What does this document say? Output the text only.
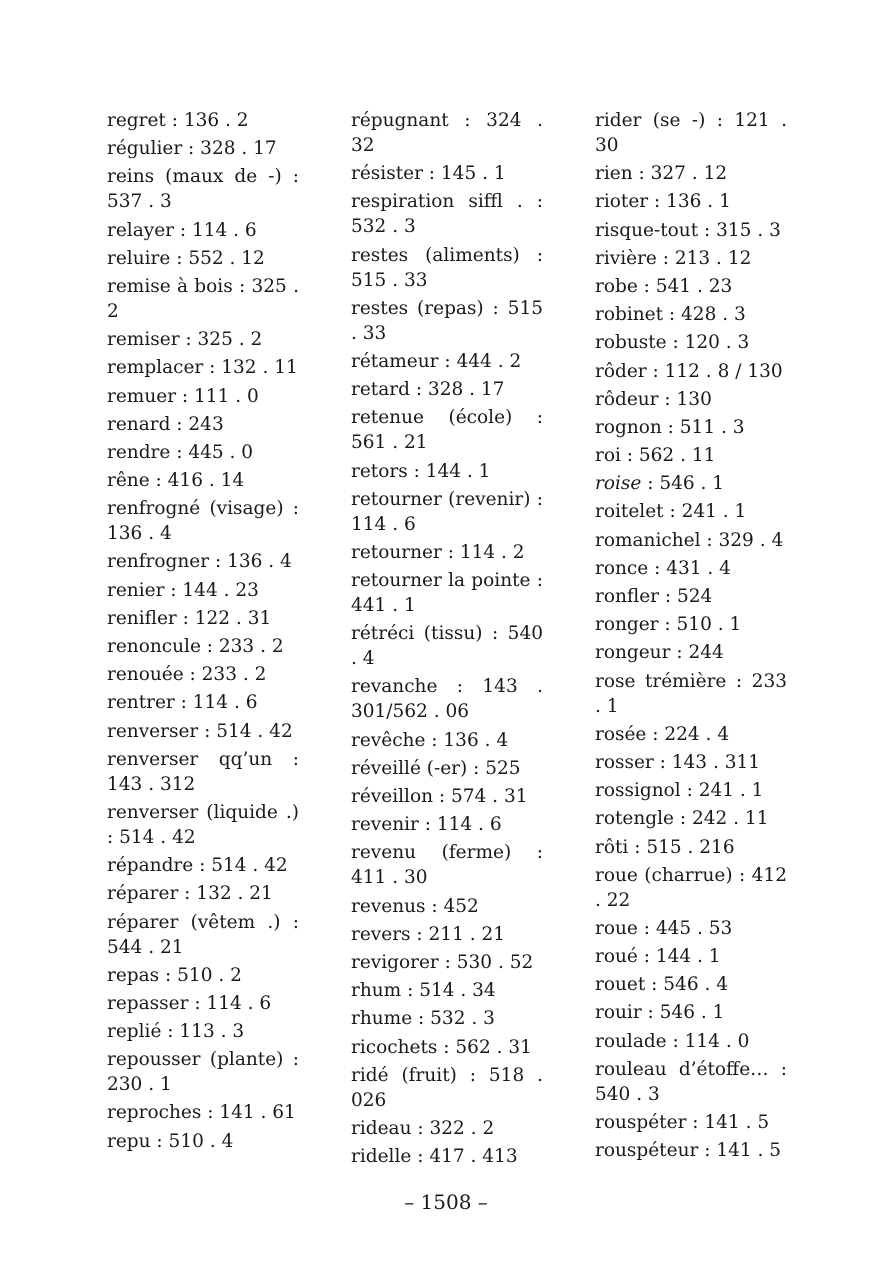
regret : 136 . 2
régulier : 328 . 17
reins (maux de -) : 537 . 3
relayer : 114 . 6
reluire : 552 . 12
remise à bois : 325 . 2
remiser : 325 . 2
remplacer : 132 . 11
remuer : 111 . 0
renard : 243
rendre : 445 . 0
rêne : 416 . 14
renfrogné (visage) : 136 . 4
renfrogner : 136 . 4
renier : 144 . 23
renifler : 122 . 31
renoncule : 233 . 2
renouée : 233 . 2
rentrer : 114 . 6
renverser : 514 . 42
renverser qq’un : 143 . 312
renverser (liquide .) : 514 . 42
répandre : 514 . 42
réparer : 132 . 21
réparer (vêtem .) : 544 . 21
repas : 510 . 2
repasser : 114 . 6
replié : 113 . 3
repousser (plante) : 230 . 1
reproches : 141 . 61
repu : 510 . 4
répugnant : 324 . 32
résister : 145 . 1
respiration siffl . : 532 . 3
restes (aliments) : 515 . 33
restes (repas) : 515 . 33
rétameur : 444 . 2
retard : 328 . 17
retenue (école) : 561 . 21
retors : 144 . 1
retourner (revenir) : 114 . 6
retourner : 114 . 2
retourner la pointe : 441 . 1
rétréci (tissu) : 540 . 4
revanche : 143 . 301/562 . 06
revêche : 136 . 4
réveillé (-er) : 525
réveillon : 574 . 31
revenir : 114 . 6
revenu (ferme) : 411 . 30
revenus : 452
revers : 211 . 21
revigorer : 530 . 52
rhum : 514 . 34
rhume : 532 . 3
ricochets : 562 . 31
ridé (fruit) : 518 . 026
rideau : 322 . 2
ridelle : 417 . 413
rider (se -) : 121 . 30
rien : 327 . 12
rioter : 136 . 1
risque-tout : 315 . 3
rivière : 213 . 12
robe : 541 . 23
robinet : 428 . 3
robuste : 120 . 3
rôder : 112 . 8 / 130
rôdeur : 130
rognon : 511 . 3
roi : 562 . 11
roise : 546 . 1
roitelet : 241 . 1
romanichel : 329 . 4
ronce : 431 . 4
ronfler : 524
ronger : 510 . 1
rongeur : 244
rose trémière : 233 . 1
rosée : 224 . 4
rosser : 143 . 311
rossignol : 241 . 1
rotengle : 242 . 11
rôti : 515 . 216
roue (charrue) : 412 . 22
roue : 445 . 53
roué : 144 . 1
rouet : 546 . 4
rouir : 546 . 1
roulade : 114 . 0
rouleau d’étoffe… : 540 . 3
rouspéter : 141 . 5
rouspéteur : 141 . 5
– 1508 –
